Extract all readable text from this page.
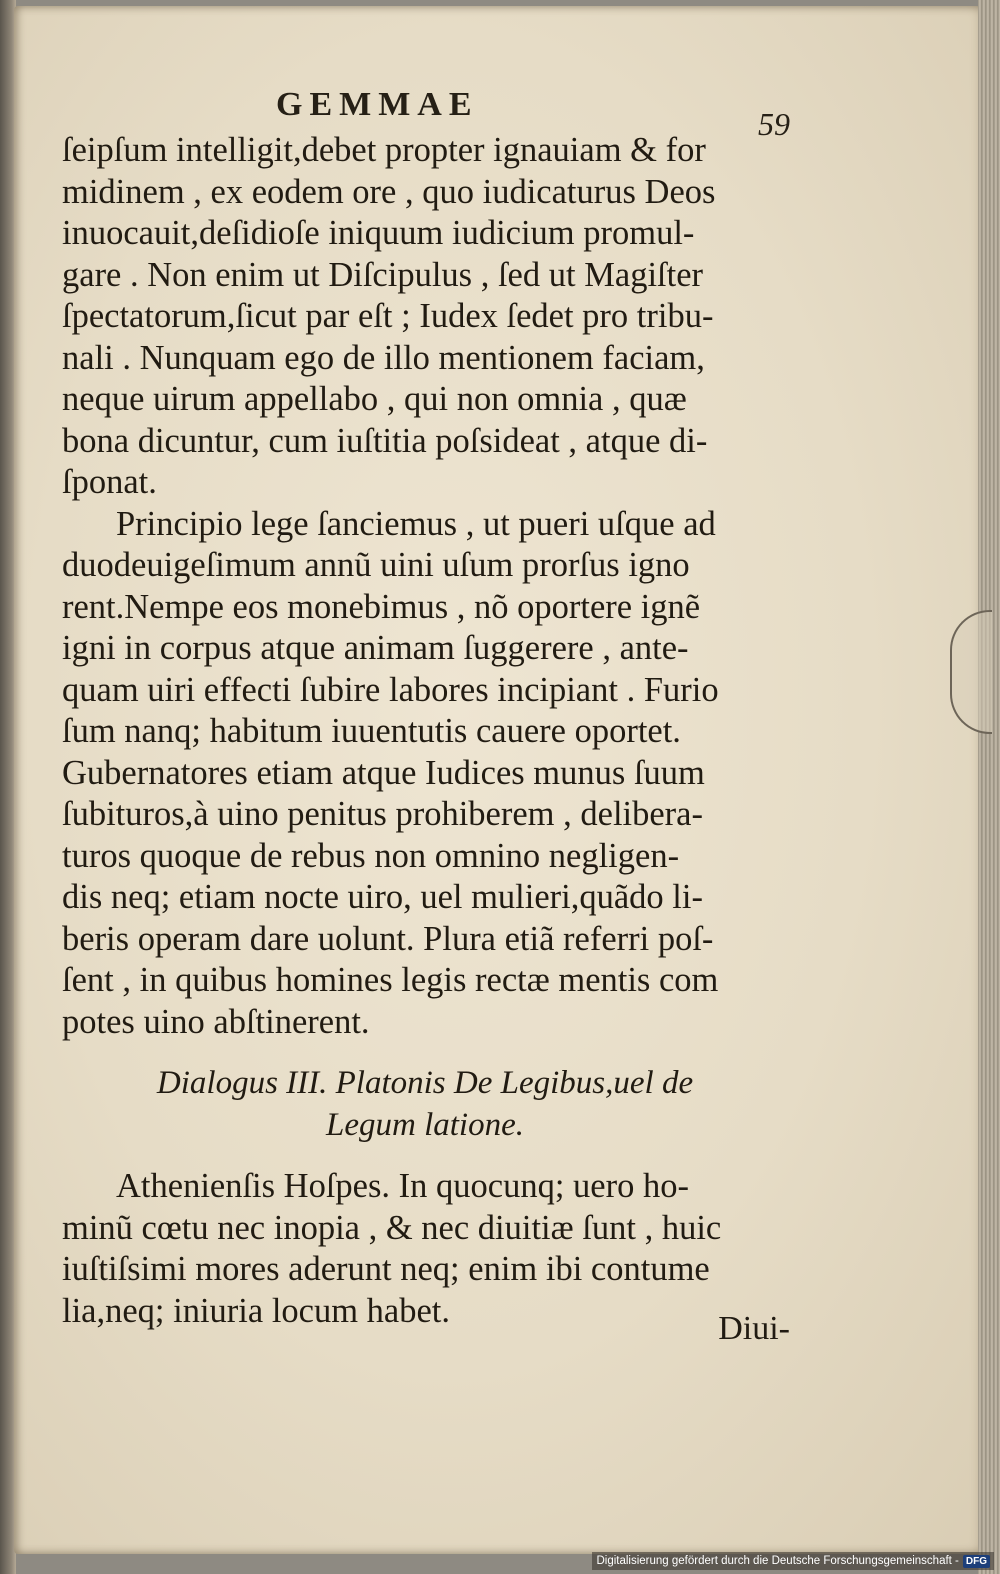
GEMMAE
59
ſeipſum intelligit,debet propter ignauiam & for
midinem , ex eodem ore , quo iudicaturus Deos
inuocauit,deſidioſe iniquum iudicium promul-
gare . Non enim ut Diſcipulus , ſed ut Magiſter
ſpectatorum,ſicut par eſt ; Iudex ſedet pro tribu-
nali . Nunquam ego de illo mentionem faciam,
neque uirum appellabo , qui non omnia , quæ
bona dicuntur, cum iuſtitia poſsideat , atque di-
ſponat.
Principio lege ſanciemus , ut pueri uſque ad
duodeuigeſimum annũ uini uſum prorſus igno
rent.Nempe eos monebimus , nõ oportere ignẽ
igni in corpus atque animam ſuggerere , ante-
quam uiri effecti ſubire labores incipiant . Furio
ſum nanq; habitum iuuentutis cauere oportet.
Gubernatores etiam atque Iudices munus ſuum
ſubituros,à uino penitus prohiberem , delibera-
turos quoque de rebus non omnino negligen-
dis neq; etiam nocte uiro, uel mulieri,quãdo li-
beris operam dare uolunt. Plura etiã referri poſ-
ſent , in quibus homines legis rectæ mentis com
potes uino abſtinerent.
Dialogus III. Platonis De Legibus,uel de
Legum latione.
Athenienſis Hoſpes. In quocunq; uero ho-
minũ cœtu nec inopia , & nec diuitiæ ſunt , huic
iuſtiſsimi mores aderunt neq; enim ibi contume
lia,neq; iniuria locum habet.	Diui-
Digitalisierung gefördert durch die Deutsche Forschungsgemeinschaft - DFG
